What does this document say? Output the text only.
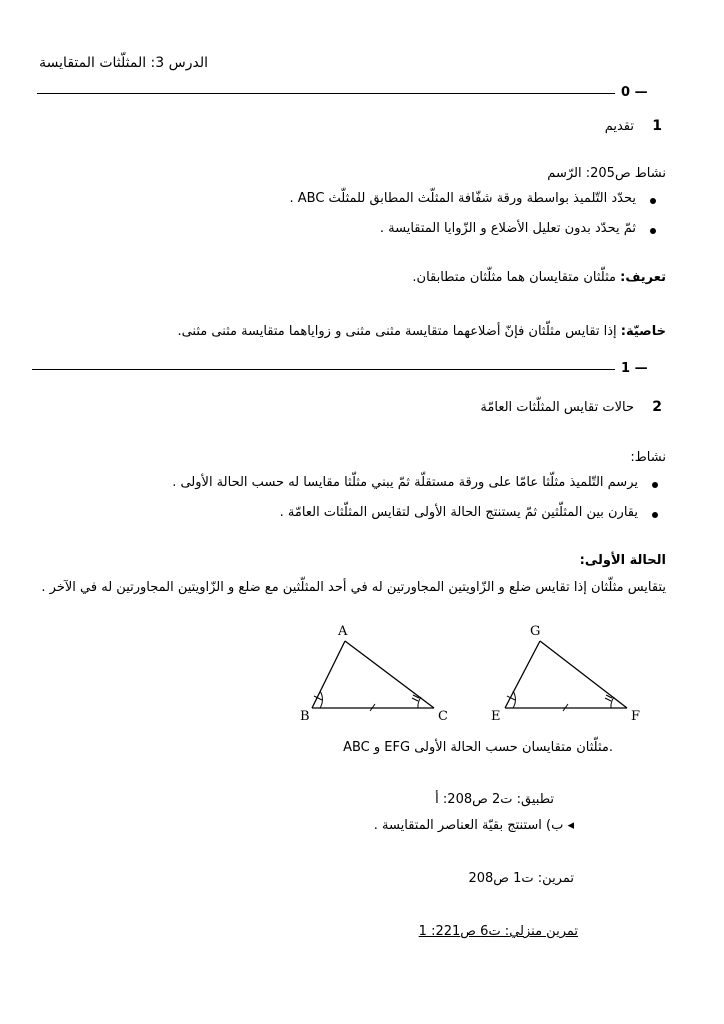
الدرس 3: المثلّثات المتقايسة
0 —
1
تقديم
نشاط ص205: الرّسم
يحدّد التّلميذ بواسطة ورقة شفّافة المثلّث المطابق للمثلّث ABC .
ثمّ يحدّد بدون تعليل الأضلاع و الزّوايا المتقايسة .
تعريف: مثلّثان متقايسان هما مثلّثان متطابقان.
خاصيّة: إذا تقايس مثلّثان فإنّ أضلاعهما متقايسة مثنى مثنى و زواياهما متقايسة مثنى مثنى.
1 —
2
حالات تقايس المثلّثات العامّة
نشاط:
يرسم التّلميذ مثلّثا عامّا على ورقة مستقلّة ثمّ يبني مثلّثا مقايسا له حسب الحالة الأولى .
يقارن بين المثلّثين ثمّ يستنتج الحالة الأولى لتقايس المثلّثات العامّة .
الحالة الأولى:
يتقايس مثلّثان إذا تقايس ضلع و الزّاويتين المجاورتين له في أحد المثلّثين مع ضلع و الزّاويتين المجاورتين له في الآخر .
A
B	C
G
E	F
ABC و EFG مثلّثان متقايسان حسب الحالة الأولى.
تطبيق: ت2 ص208: أ
◂ ب) استنتج بقيّة العناصر المتقايسة .
تمرين: ت1 ص208
تمرين منزلي: ت6 ص221: 1
